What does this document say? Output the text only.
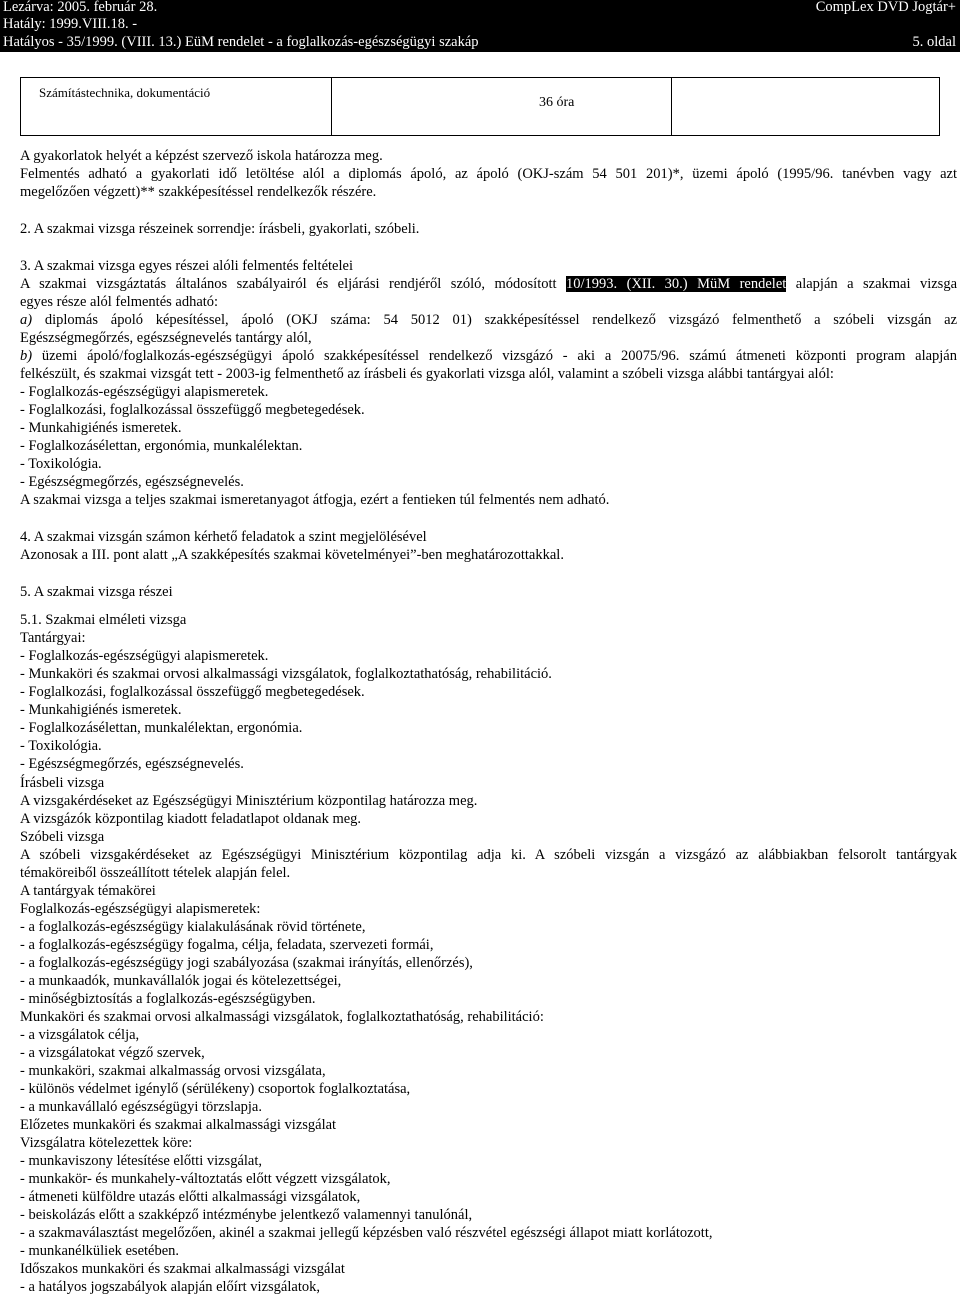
Lezárva: 2005. február 28.	CompLex DVD Jogtár+
Hatály: 1999.VIII.18. -
Hatályos - 35/1999. (VIII. 13.) EüM rendelet - a foglalkozás-egészségügyi szakáp	5. oldal
Számítástechnika, dokumentáció
36 óra
A gyakorlatok helyét a képzést szervező iskola határozza meg.
Felmentés adható a gyakorlati idő letöltése alól a diplomás ápoló, az ápoló (OKJ-szám 54 501 201)*, üzemi ápoló (1995/96. tanévben vagy azt
megelőzően végzett)** szakképesítéssel rendelkezők részére.
2. A szakmai vizsga részeinek sorrendje: írásbeli, gyakorlati, szóbeli.
3. A szakmai vizsga egyes részei alóli felmentés feltételei
A szakmai vizsgáztatás általános szabályairól és eljárási rendjéről szóló, módosított 10/1993. (XII. 30.) MüM rendelet alapján a szakmai vizsga
egyes része alól felmentés adható:
a) diplomás ápoló képesítéssel, ápoló (OKJ száma: 54 5012 01) szakképesítéssel rendelkező vizsgázó felmenthető a szóbeli vizsgán az
Egészségmegőrzés, egészségnevelés tantárgy alól,
b) üzemi ápoló/foglalkozás-egészségügyi ápoló szakképesítéssel rendelkező vizsgázó - aki a 20075/96. számú átmeneti központi program alapján
felkészült, és szakmai vizsgát tett - 2003-ig felmenthető az írásbeli és gyakorlati vizsga alól, valamint a szóbeli vizsga alábbi tantárgyai alól:
- Foglalkozás-egészségügyi alapismeretek.
- Foglalkozási, foglalkozással összefüggő megbetegedések.
- Munkahigiénés ismeretek.
- Foglalkozásélettan, ergonómia, munkalélektan.
- Toxikológia.
- Egészségmegőrzés, egészségnevelés.
A szakmai vizsga a teljes szakmai ismeretanyagot átfogja, ezért a fentieken túl felmentés nem adható.
4. A szakmai vizsgán számon kérhető feladatok a szint megjelölésével
Azonosak a III. pont alatt „A szakképesítés szakmai követelményei”-ben meghatározottakkal.
5. A szakmai vizsga részei
5.1. Szakmai elméleti vizsga
Tantárgyai:
- Foglalkozás-egészségügyi alapismeretek.
- Munkaköri és szakmai orvosi alkalmassági vizsgálatok, foglalkoztathatóság, rehabilitáció.
- Foglalkozási, foglalkozással összefüggő megbetegedések.
- Munkahigiénés ismeretek.
- Foglalkozásélettan, munkalélektan, ergonómia.
- Toxikológia.
- Egészségmegőrzés, egészségnevelés.
Írásbeli vizsga
A vizsgakérdéseket az Egészségügyi Minisztérium központilag határozza meg.
A vizsgázók központilag kiadott feladatlapot oldanak meg.
Szóbeli vizsga
A szóbeli vizsgakérdéseket az Egészségügyi Minisztérium központilag adja ki. A szóbeli vizsgán a vizsgázó az alábbiakban felsorolt tantárgyak
témaköreiből összeállított tételek alapján felel.
A tantárgyak témakörei
Foglalkozás-egészségügyi alapismeretek:
- a foglalkozás-egészségügy kialakulásának rövid története,
- a foglalkozás-egészségügy fogalma, célja, feladata, szervezeti formái,
- a foglalkozás-egészségügy jogi szabályozása (szakmai irányítás, ellenőrzés),
- a munkaadók, munkavállalók jogai és kötelezettségei,
- minőségbiztosítás a foglalkozás-egészségügyben.
Munkaköri és szakmai orvosi alkalmassági vizsgálatok, foglalkoztathatóság, rehabilitáció:
- a vizsgálatok célja,
- a vizsgálatokat végző szervek,
- munkaköri, szakmai alkalmasság orvosi vizsgálata,
- különös védelmet igénylő (sérülékeny) csoportok foglalkoztatása,
- a munkavállaló egészségügyi törzslapja.
Előzetes munkaköri és szakmai alkalmassági vizsgálat
Vizsgálatra kötelezettek köre:
- munkaviszony létesítése előtti vizsgálat,
- munkakör- és munkahely-változtatás előtt végzett vizsgálatok,
- átmeneti külföldre utazás előtti alkalmassági vizsgálatok,
- beiskolázás előtt a szakképző intézménybe jelentkező valamennyi tanulónál,
- a szakmaválasztást megelőzően, akinél a szakmai jellegű képzésben való részvétel egészségi állapot miatt korlátozott,
- munkanélküliek esetében.
Időszakos munkaköri és szakmai alkalmassági vizsgálat
- a hatályos jogszabályok alapján előírt vizsgálatok,
